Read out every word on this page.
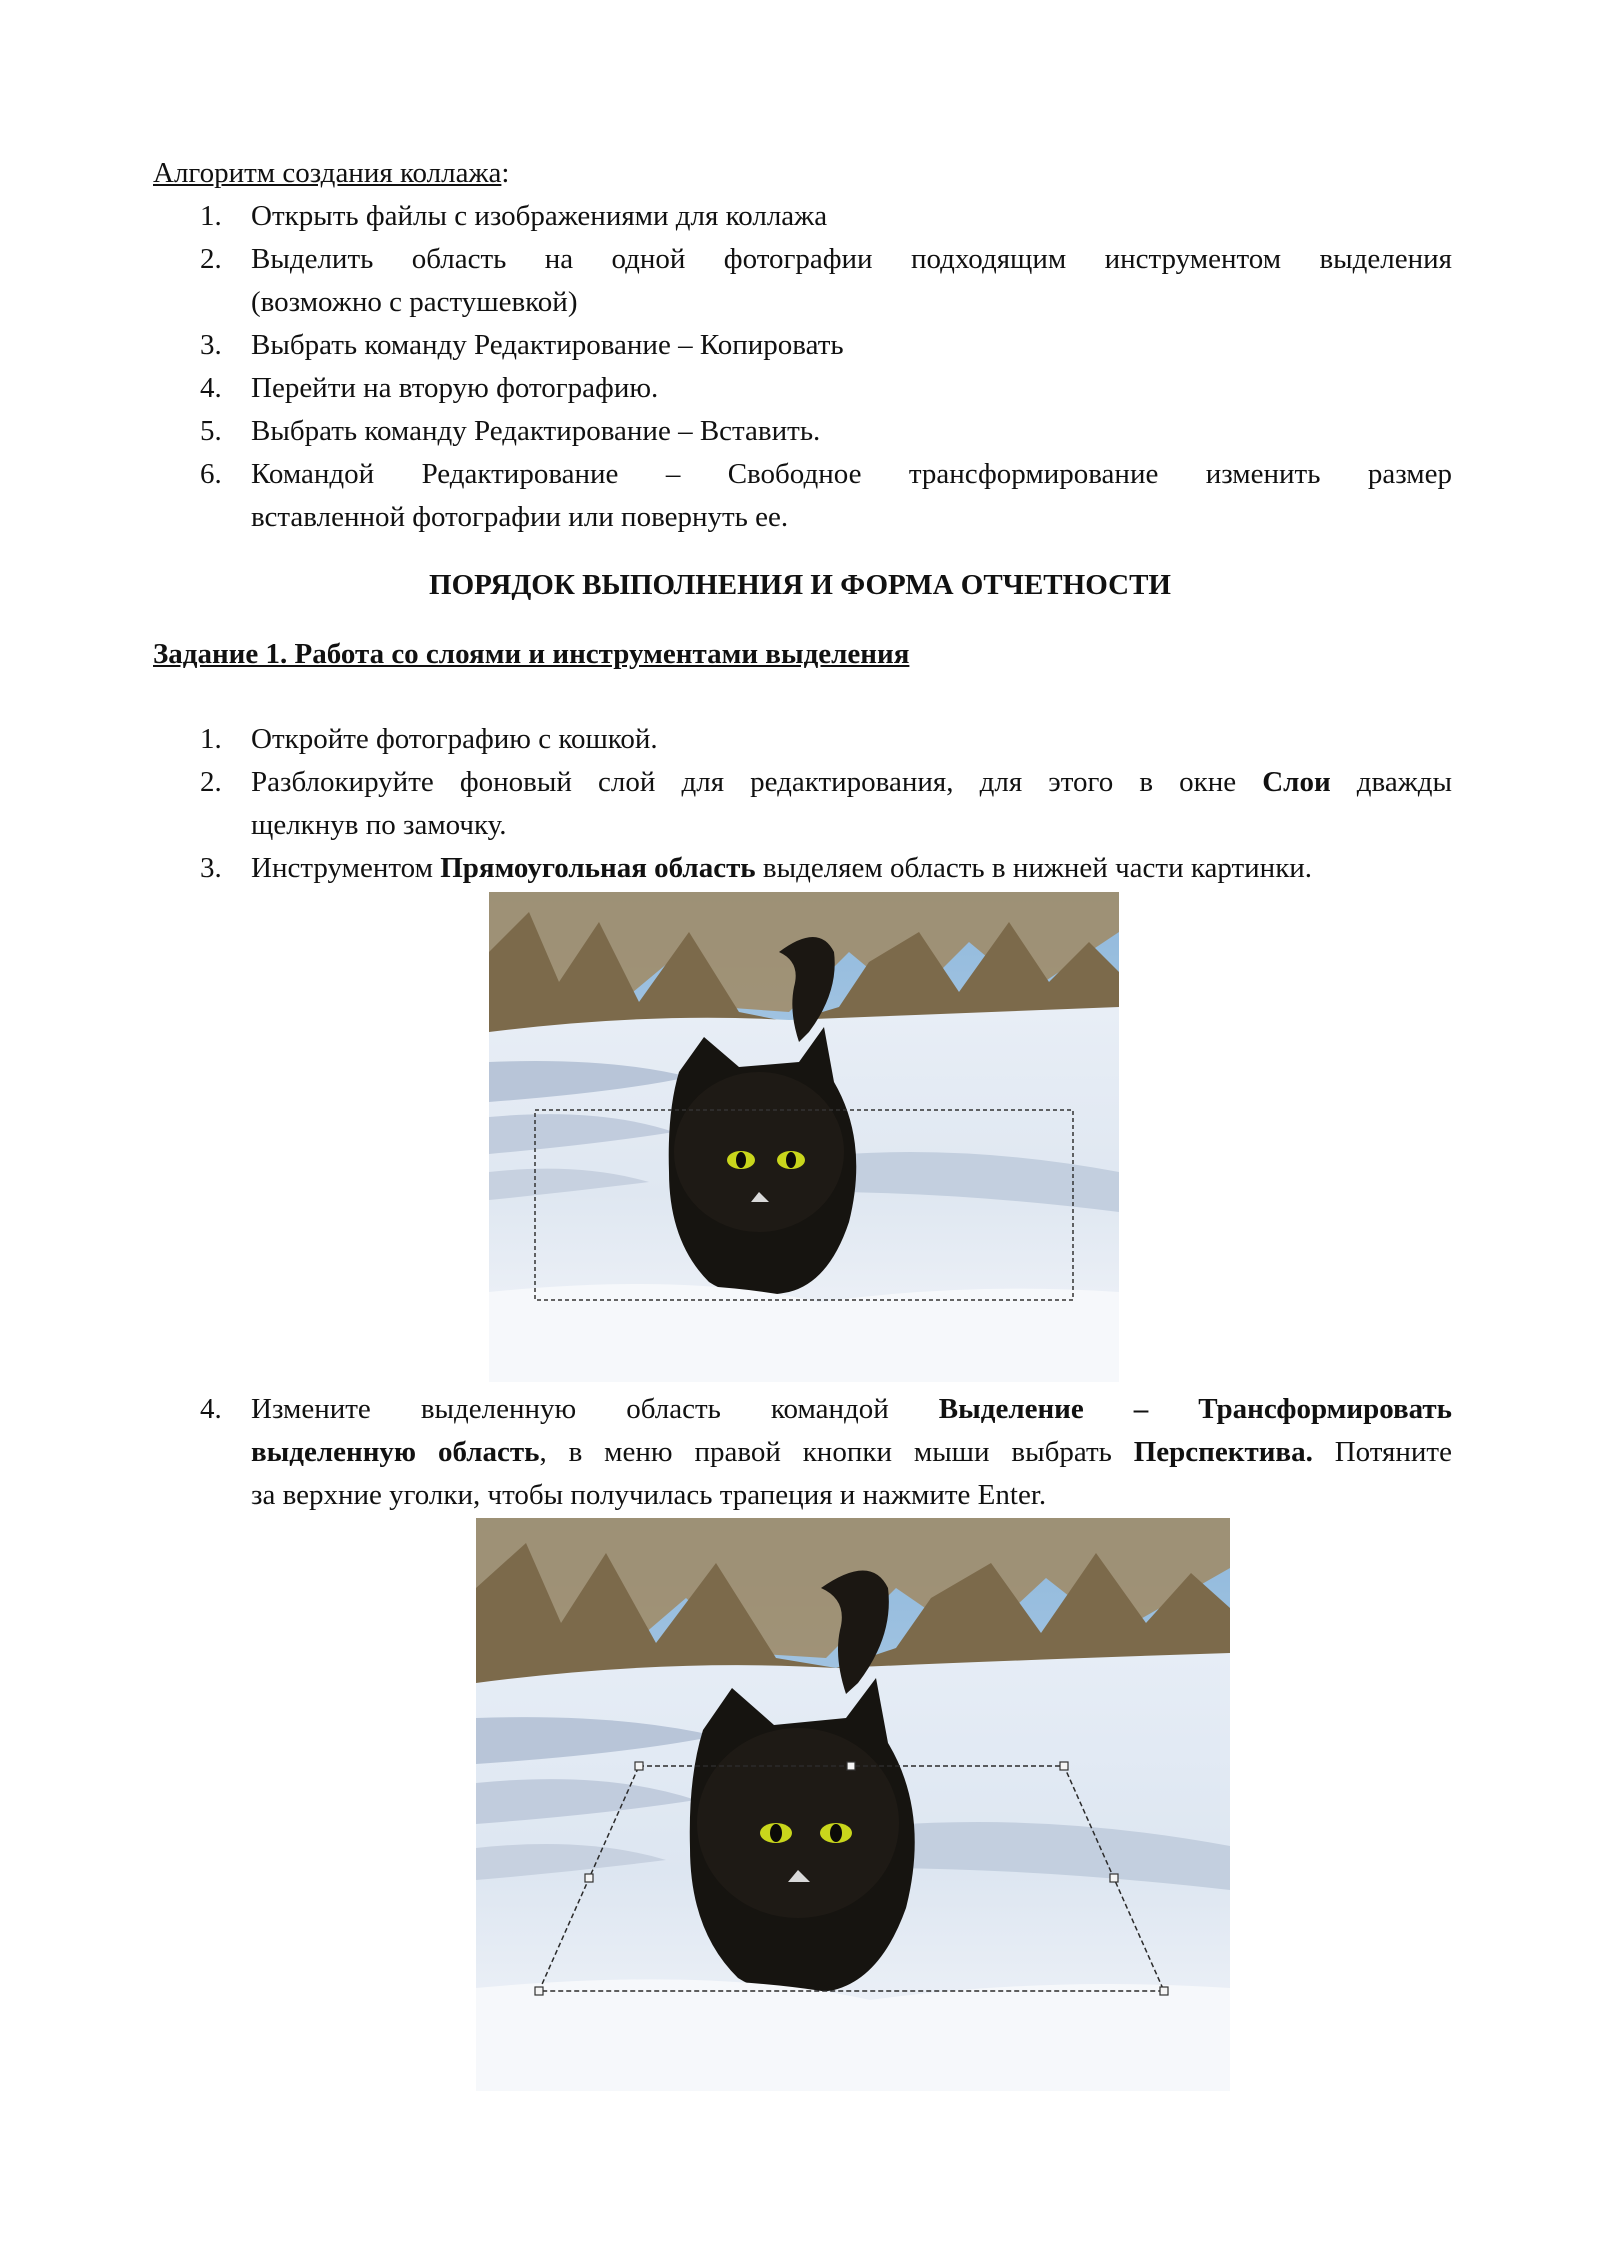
Алгоритм создания коллажа:
1. Открыть файлы с изображениями для коллажа
2. Выделить область на одной фотографии подходящим инструментом выделения
(возможно с растушевкой)
3. Выбрать команду Редактирование – Копировать
4. Перейти на вторую фотографию.
5. Выбрать команду Редактирование – Вставить.
6. Командой Редактирование – Свободное трансформирование изменить размер
вставленной фотографии или повернуть ее.
ПОРЯДОК ВЫПОЛНЕНИЯ И ФОРМА ОТЧЕТНОСТИ
Задание 1. Работа со слоями и инструментами выделения
1. Откройте фотографию с кошкой.
2. Разблокируйте фоновый слой для редактирования, для этого в окне Слои дважды
щелкнув по замочку.
3. Инструментом Прямоугольная область выделяем область в нижней части картинки.
4. Измените выделенную область командой Выделение – Трансформировать
выделенную область, в меню правой кнопки мыши выбрать Перспектива. Потяните
за верхние уголки, чтобы получилась трапеция и нажмите Enter.
